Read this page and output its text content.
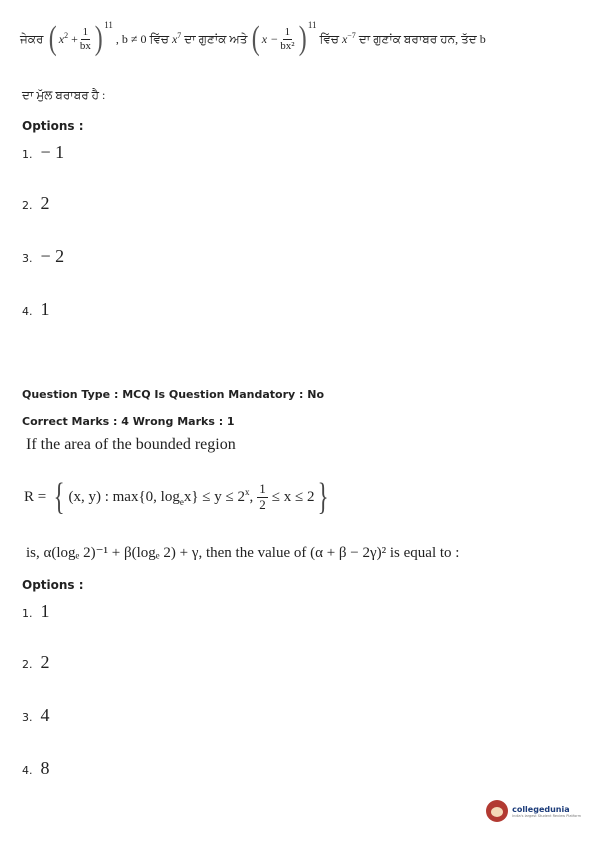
ਜੇਕਰ ( $x^2 + \frac{1}{bx}$ ) 11
, b ≠ 0 ਵਿੱਚ $x^7$ ਦਾ ਗੁਣਾਂਕ ਅਤੇ ( $x - \frac{1}{\text{bx²}}$ ) 11
ਵਿੱਚ $x^{-7}$ ਦਾ ਗੁਣਾਂਕ ਬਰਾਬਰ ਹਨ, ਤੱਦ b
ਦਾ ਮੁੱਲ ਬਰਾਬਰ ਹੈ :
Options :
1. − 1
2. 2
3. − 2
4. 1
Question Type : MCQ Is Question Mandatory : No
Correct Marks : 4 Wrong Marks : 1
If the area of the bounded region
R = { (x, y) : max{0, $\log_ex\} \le y \le 2^x$, $\frac{1}{2} \le x \le 2$ }
is, α(logₑ 2)⁻¹ + β(logₑ 2) + γ, then the value of (α + β − 2γ)² is equal to :
Options :
1. 1
2. 2
3. 4
4. 8
collegedunia
India's largest Student Review Platform
